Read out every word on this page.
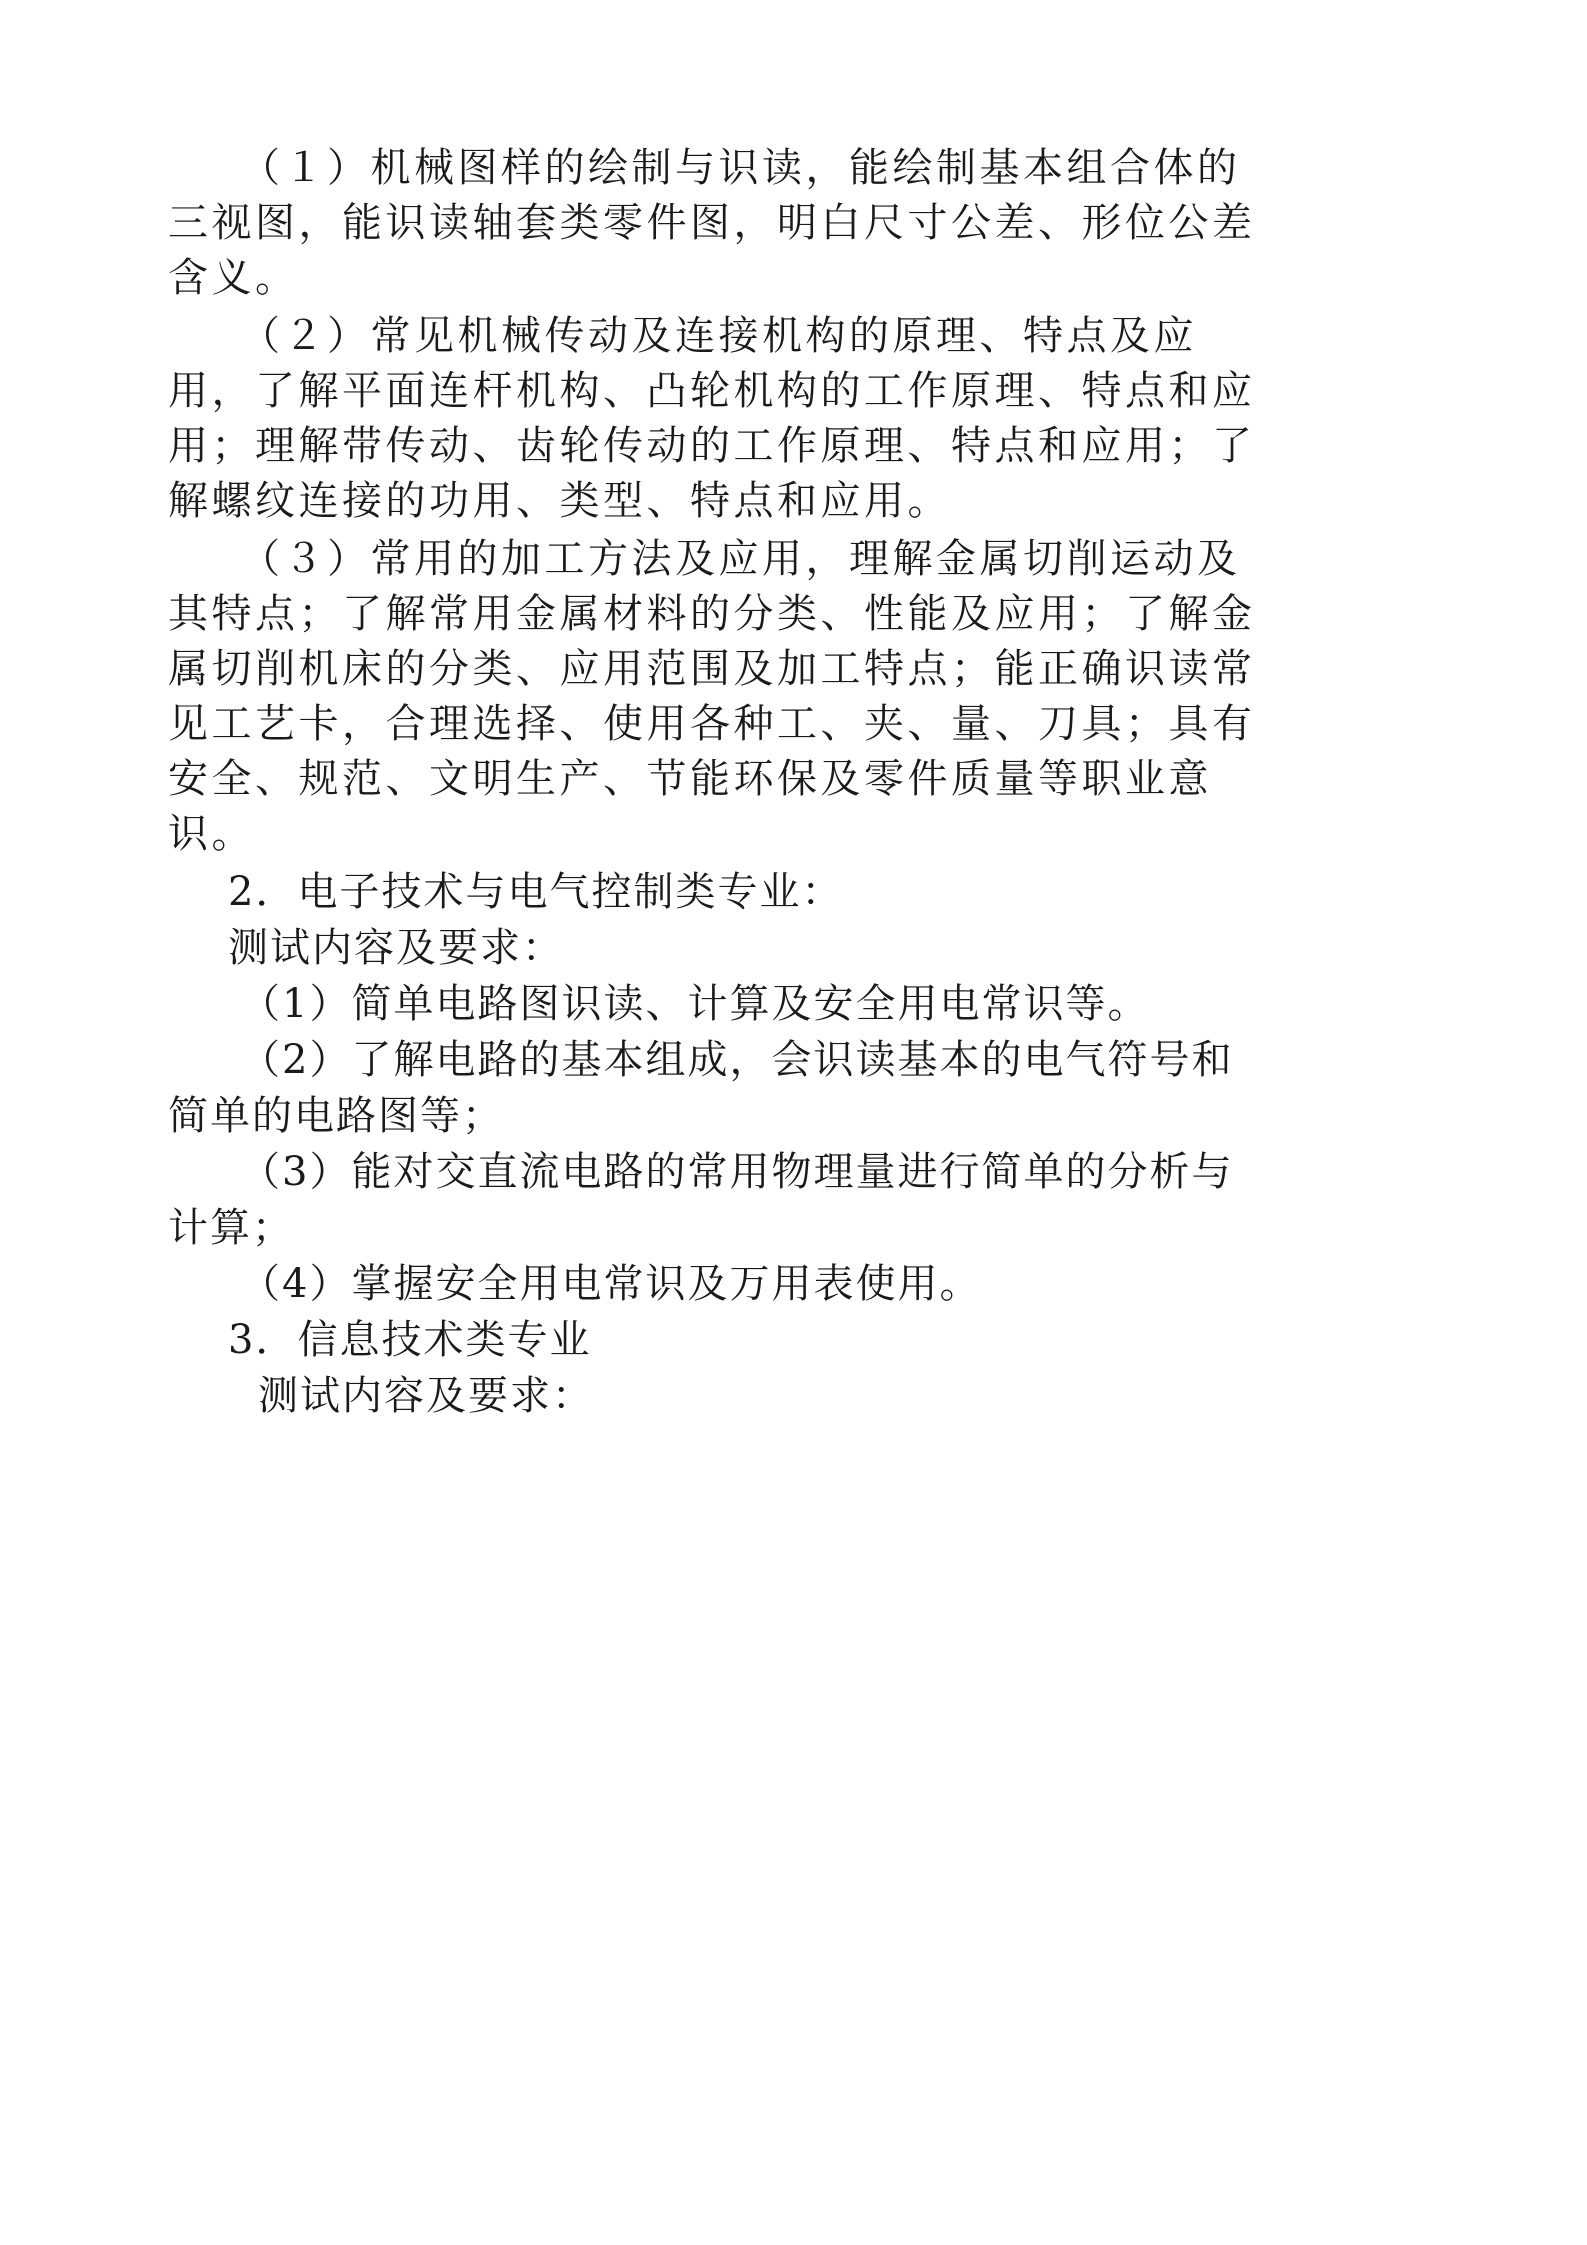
（１）机械图样的绘制与识读，能绘制基本组合体的
三视图，能识读轴套类零件图，明白尺寸公差、形位公差
含义。
（２）常见机械传动及连接机构的原理、特点及应
用，了解平面连杆机构、凸轮机构的工作原理、特点和应
用；理解带传动、齿轮传动的工作原理、特点和应用；了
解螺纹连接的功用、类型、特点和应用。
（３）常用的加工方法及应用，理解金属切削运动及
其特点；了解常用金属材料的分类、性能及应用；了解金
属切削机床的分类、应用范围及加工特点；能正确识读常
见工艺卡，合理选择、使用各种工、夹、量、刀具；具有
安全、规范、文明生产、节能环保及零件质量等职业意
识。
2．电子技术与电气控制类专业：
测试内容及要求：
（1）简单电路图识读、计算及安全用电常识等。
（2）了解电路的基本组成，会识读基本的电气符号和
简单的电路图等；
（3）能对交直流电路的常用物理量进行简单的分析与
计算；
（4）掌握安全用电常识及万用表使用。
3．信息技术类专业
测试内容及要求：
